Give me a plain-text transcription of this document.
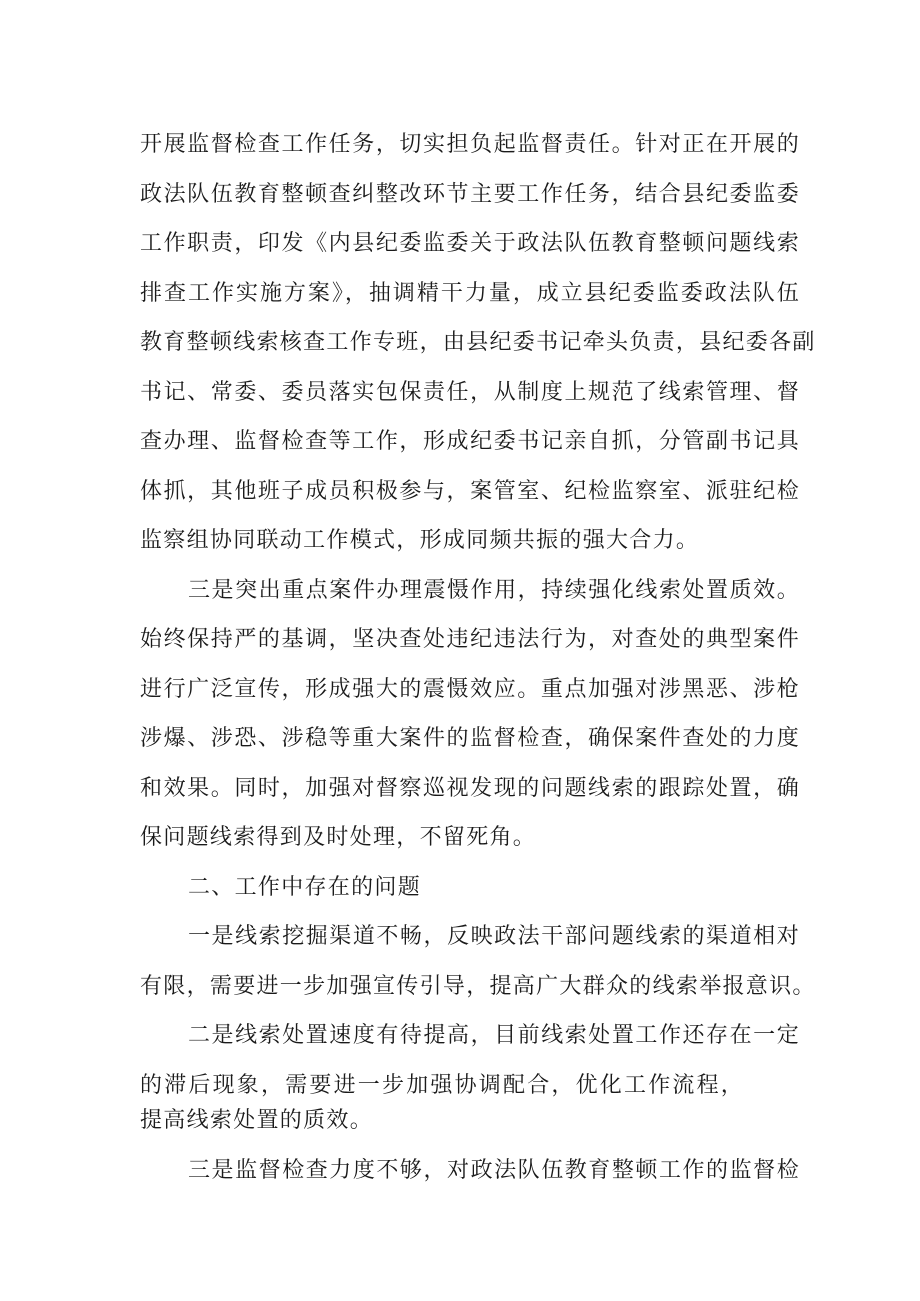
开展监督检查工作任务，切实担负起监督责任。针对正在开展的

政法队伍教育整顿查纠整改环节主要工作任务，结合县纪委监委

工作职责，印发《内县纪委监委关于政法队伍教育整顿问题线索

排查工作实施方案》，抽调精干力量，成立县纪委监委政法队伍

教育整顿线索核查工作专班，由县纪委书记牵头负责，县纪委各副

书记、常委、委员落实包保责任，从制度上规范了线索管理、督

查办理、监督检查等工作，形成纪委书记亲自抓，分管副书记具

体抓，其他班子成员积极参与，案管室、纪检监察室、派驻纪检

监察组协同联动工作模式，形成同频共振的强大合力。

三是突出重点案件办理震慑作用，持续强化线索处置质效。

始终保持严的基调，坚决查处违纪违法行为，对查处的典型案件

进行广泛宣传，形成强大的震慑效应。重点加强对涉黑恶、涉枪

涉爆、涉恐、涉稳等重大案件的监督检查，确保案件查处的力度

和效果。同时，加强对督察巡视发现的问题线索的跟踪处置，确

保问题线索得到及时处理，不留死角。

二、工作中存在的问题

一是线索挖掘渠道不畅，反映政法干部问题线索的渠道相对

有限，需要进一步加强宣传引导，提高广大群众的线索举报意识。

二是线索处置速度有待提高，目前线索处置工作还存在一定

的滞后现象，需要进一步加强协调配合，优化工作流程，

提高线索处置的质效。

三是监督检查力度不够，对政法队伍教育整顿工作的监督检
